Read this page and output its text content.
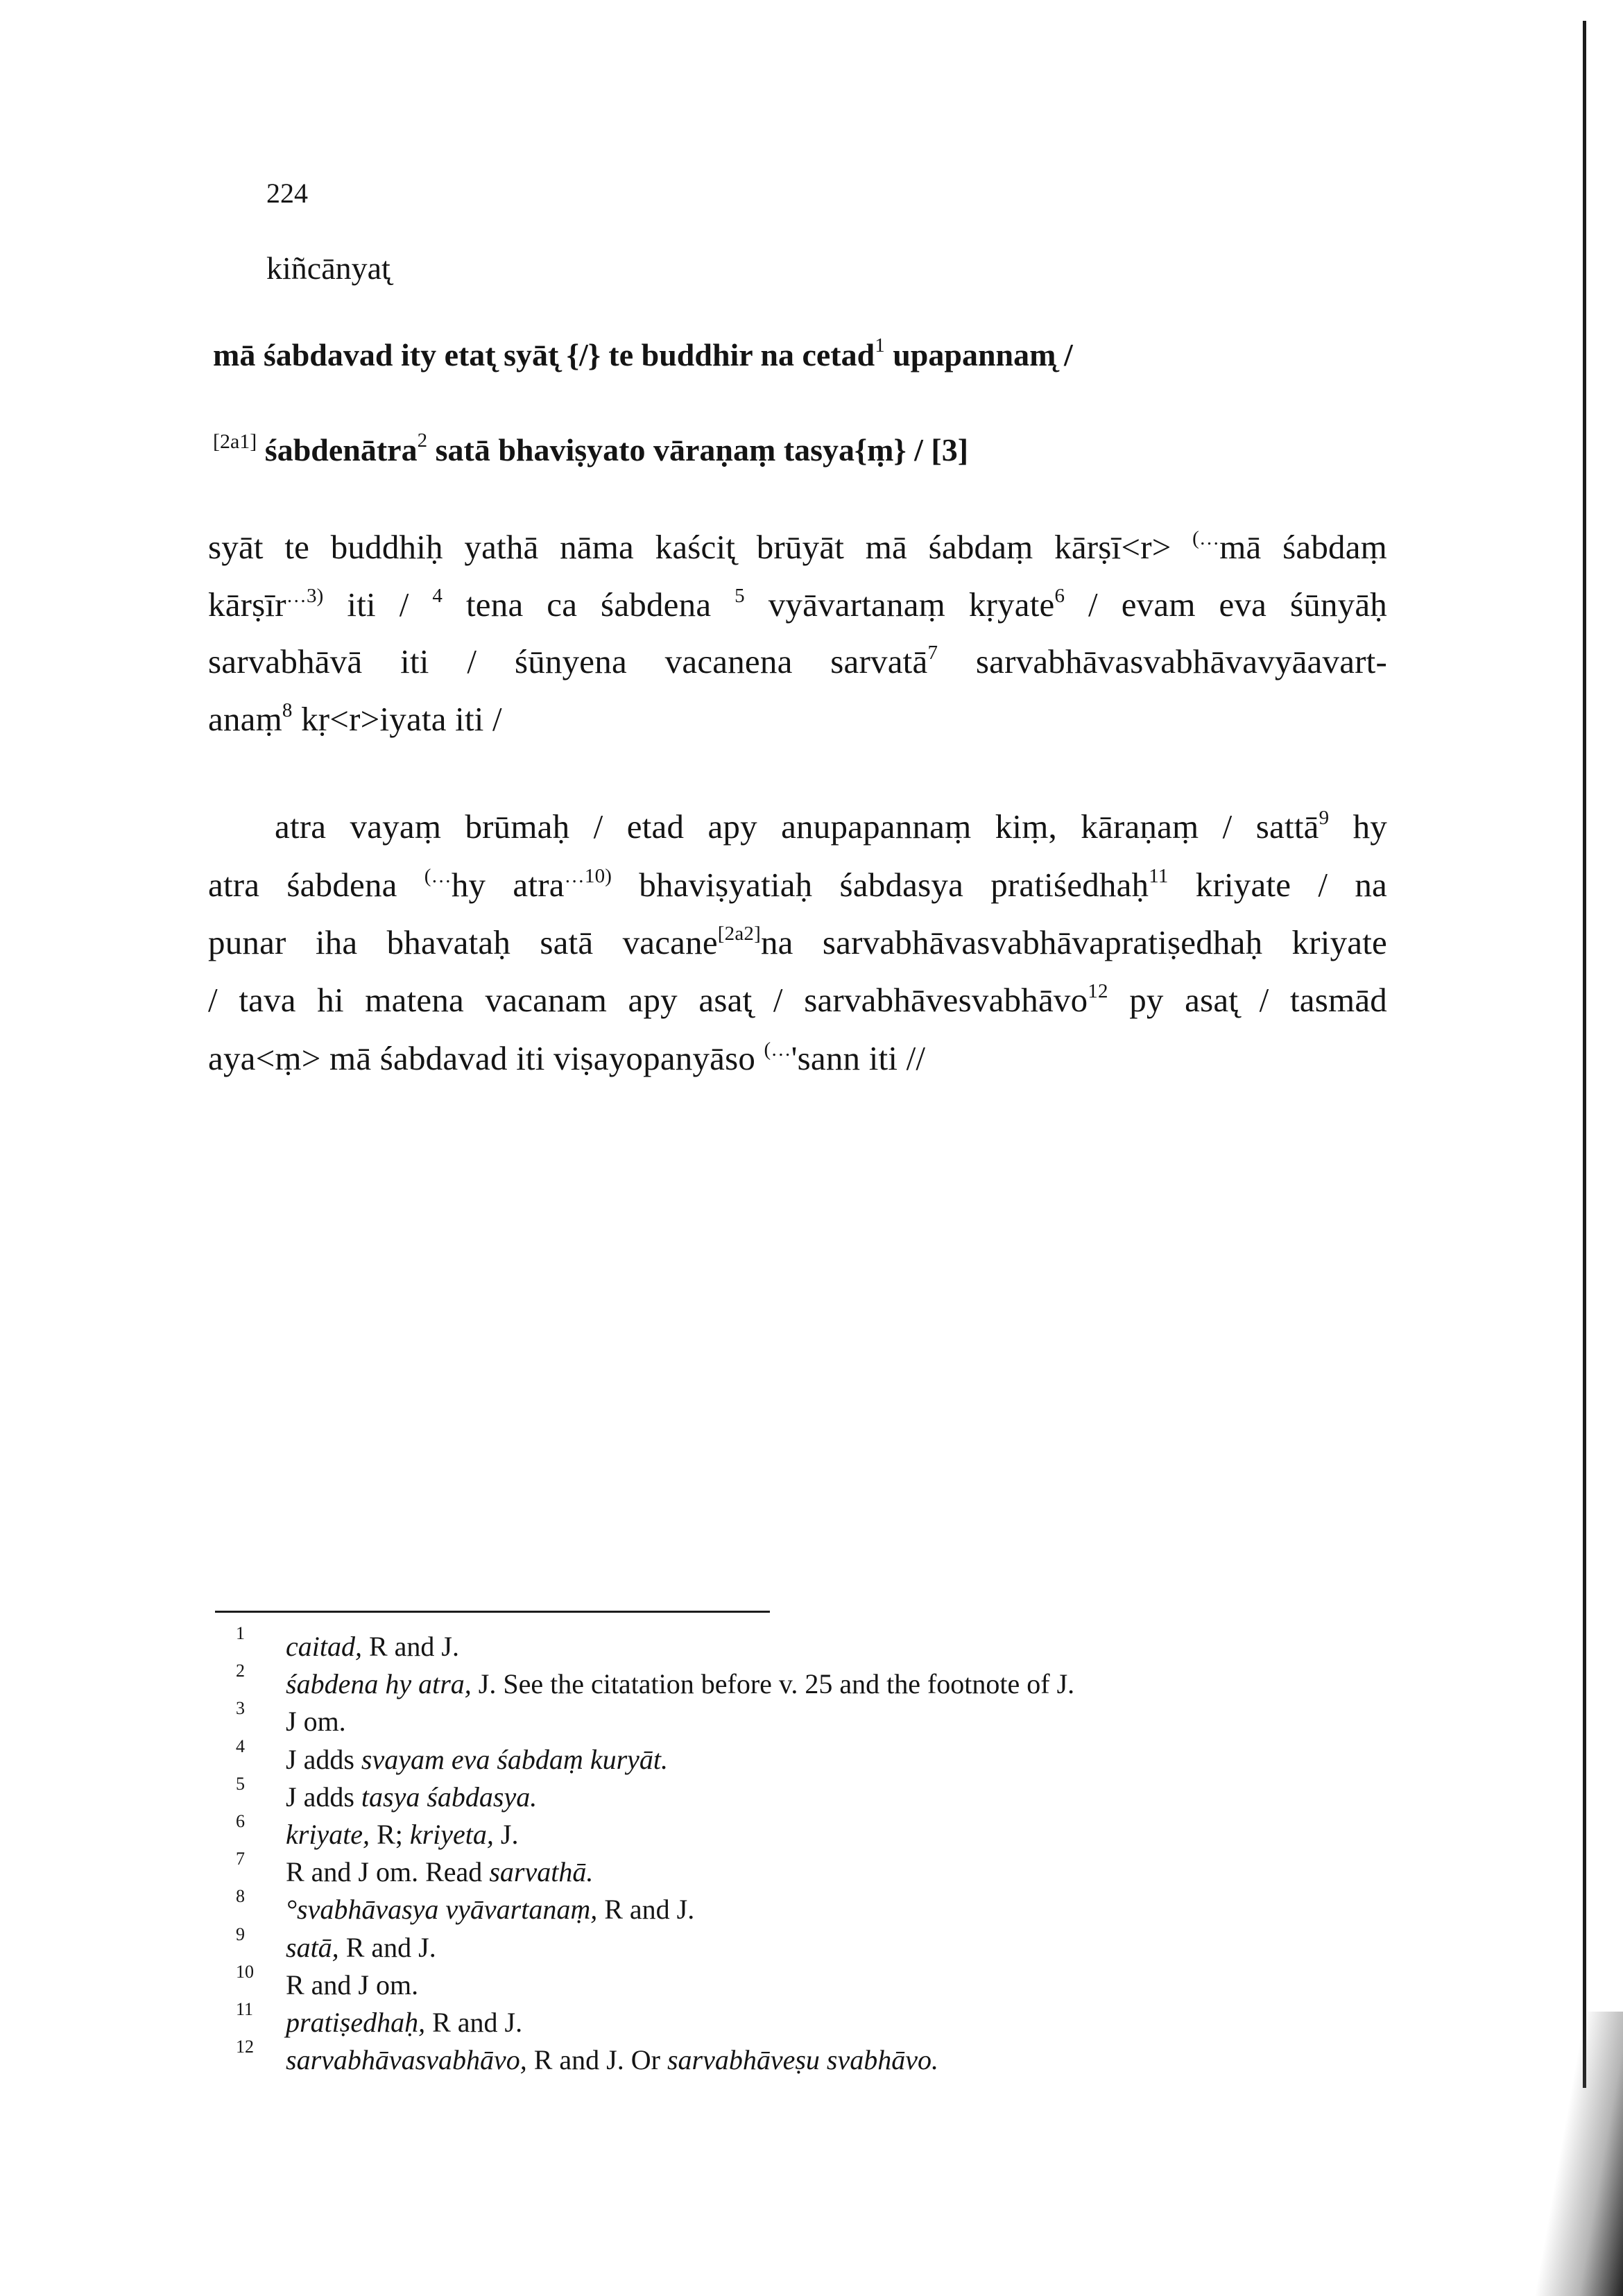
224
kiñcānyat̨
mā śabdavad ity etat̨ syāt̨ {/} te buddhir na cetad$^1$ upapannam̨ /
[2a1] śabdenātra$^2$ satā bhaviṣyato vāraṇaṃ tasya{ṃ} / [3]
syāt te buddhiḥ yathā nāma kaścit̨ brūyāt mā śabdaṃ kārṣī<r> (…mā śabdaṃ
kārṣīr$^{\dots 3)}$ iti / $^4$ tena ca śabdena $^5$ vyāvartanaṃ kṛyate$^6$ / evam eva śūnyāḥ
sarvabhāvā iti / śūnyena vacanena sarvatā$^7$ sarvabhāvasvabhāvavyāavart-
anaṃ$^8$ kṛ<r>iyata iti /
atra vayaṃ brūmaḥ / etad apy anupapannaṃ kiṃ, kāraṇaṃ / sattā$^9$ hy
atra śabdena (…hy atra$^{\dots 10)}$ bhaviṣyatiaḥ śabdasya pratiśedhaḥ$^{11}$ kriyate / na
punar iha bhavataḥ satā vacane[2a2]na sarvabhāvasvabhāvapratiṣedhaḥ kriyate
/ tava hi matena vacanam apy asat̨ / sarvabhāvesvabhāvo$^{12}$ py asat̨ / tasmād
aya<ṃ> mā śabdavad iti viṣayopanyāso (…'sann iti //
1	caitad, R and J.
2	śabdena hy atra, J. See the citatation before v. 25 and the footnote of J.
3	J om.
4	J adds svayam eva śabdaṃ kuryāt.
5	J adds tasya śabdasya.
6	kriyate, R; kriyeta, J.
7	R and J om. Read sarvathā.
8	°svabhāvasya vyāvartanaṃ, R and J.
9	satā, R and J.
10	R and J om.
11	pratiṣedhaḥ, R and J.
12	sarvabhāvasvabhāvo, R and J. Or sarvabhāveṣu svabhāvo.
